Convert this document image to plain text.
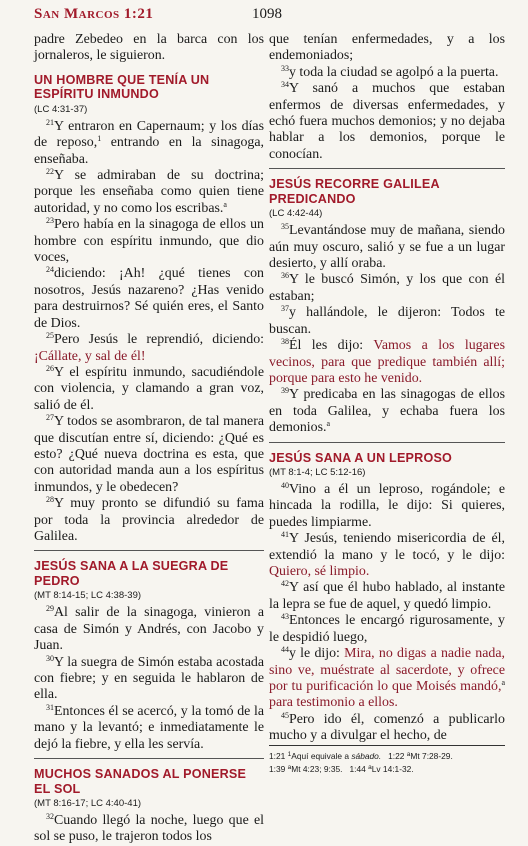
San Marcos 1:21	1098

padre Zebedeo en la barca con los jornaleros, le siguieron.

UN HOMBRE QUE TENÍA UN ESPÍRITU INMUNDO
(LC 4:31-37)

$^{21}$Y entraron en Capernaum; y los días de reposo,$^1$ entrando en la sinagoga, enseñaba.

$^{22}$Y se admiraban de su doctrina; porque les enseñaba como quien tiene autoridad, y no como los escribas.$^a$

$^{23}$Pero había en la sinagoga de ellos un hombre con espíritu inmundo, que dio voces,

$^{24}$diciendo: ¡Ah! ¿qué tienes con nosotros, Jesús nazareno? ¿Has venido para destruirnos? Sé quién eres, el Santo de Dios.

$^{25}$Pero Jesús le reprendió, diciendo: ¡Cállate, y sal de él!

$^{26}$Y el espíritu inmundo, sacudiéndole con violencia, y clamando a gran voz, salió de él.

$^{27}$Y todos se asombraron, de tal manera que discutían entre sí, diciendo: ¿Qué es esto? ¿Qué nueva doctrina es esta, que con autoridad manda aun a los espíritus inmundos, y le obedecen?

$^{28}$Y muy pronto se difundió su fama por toda la provincia alrededor de Galilea.

JESÚS SANA A LA SUEGRA DE PEDRO
(MT 8:14-15; LC 4:38-39)

$^{29}$Al salir de la sinagoga, vinieron a casa de Simón y Andrés, con Jacobo y Juan.

$^{30}$Y la suegra de Simón estaba acostada con fiebre; y en seguida le hablaron de ella.

$^{31}$Entonces él se acercó, y la tomó de la mano y la levantó; e inmediatamente le dejó la fiebre, y ella les servía.

MUCHOS SANADOS AL PONERSE EL SOL
(MT 8:16-17; LC 4:40-41)

$^{32}$Cuando llegó la noche, luego que el sol se puso, le trajeron todos los

que tenían enfermedades, y a los endemoniados;

$^{33}$y toda la ciudad se agolpó a la puerta.

$^{34}$Y sanó a muchos que estaban enfermos de diversas enfermedades, y echó fuera muchos demonios; y no dejaba hablar a los demonios, porque le conocían.

JESÚS RECORRE GALILEA PREDICANDO
(LC 4:42-44)

$^{35}$Levantándose muy de mañana, siendo aún muy oscuro, salió y se fue a un lugar desierto, y allí oraba.

$^{36}$Y le buscó Simón, y los que con él estaban;

$^{37}$y hallándole, le dijeron: Todos te buscan.

$^{38}$Él les dijo: Vamos a los lugares vecinos, para que predique también allí; porque para esto he venido.

$^{39}$Y predicaba en las sinagogas de ellos en toda Galilea, y echaba fuera los demonios.$^a$

JESÚS SANA A UN LEPROSO
(MT 8:1-4; LC 5:12-16)

$^{40}$Vino a él un leproso, rogándole; e hincada la rodilla, le dijo: Si quieres, puedes limpiarme.

$^{41}$Y Jesús, teniendo misericordia de él, extendió la mano y le tocó, y le dijo: Quiero, sé limpio.

$^{42}$Y así que él hubo hablado, al instante la lepra se fue de aquel, y quedó limpio.

$^{43}$Entonces le encargó rigurosamente, y le despidió luego,

$^{44}$y le dijo: Mira, no digas a nadie nada, sino ve, muéstrate al sacerdote, y ofrece por tu purificación lo que Moisés mandó,$^a$ para testimonio a ellos.

$^{45}$Pero ido él, comenzó a publicarlo mucho y a divulgar el hecho, de

1:21 $^1$Aquí equivale a sábado. 1:22 $^a$Mt 7:28-29.
1:39 $^a$Mt 4:23; 9:35. 1:44 $^a$Lv 14:1-32.
